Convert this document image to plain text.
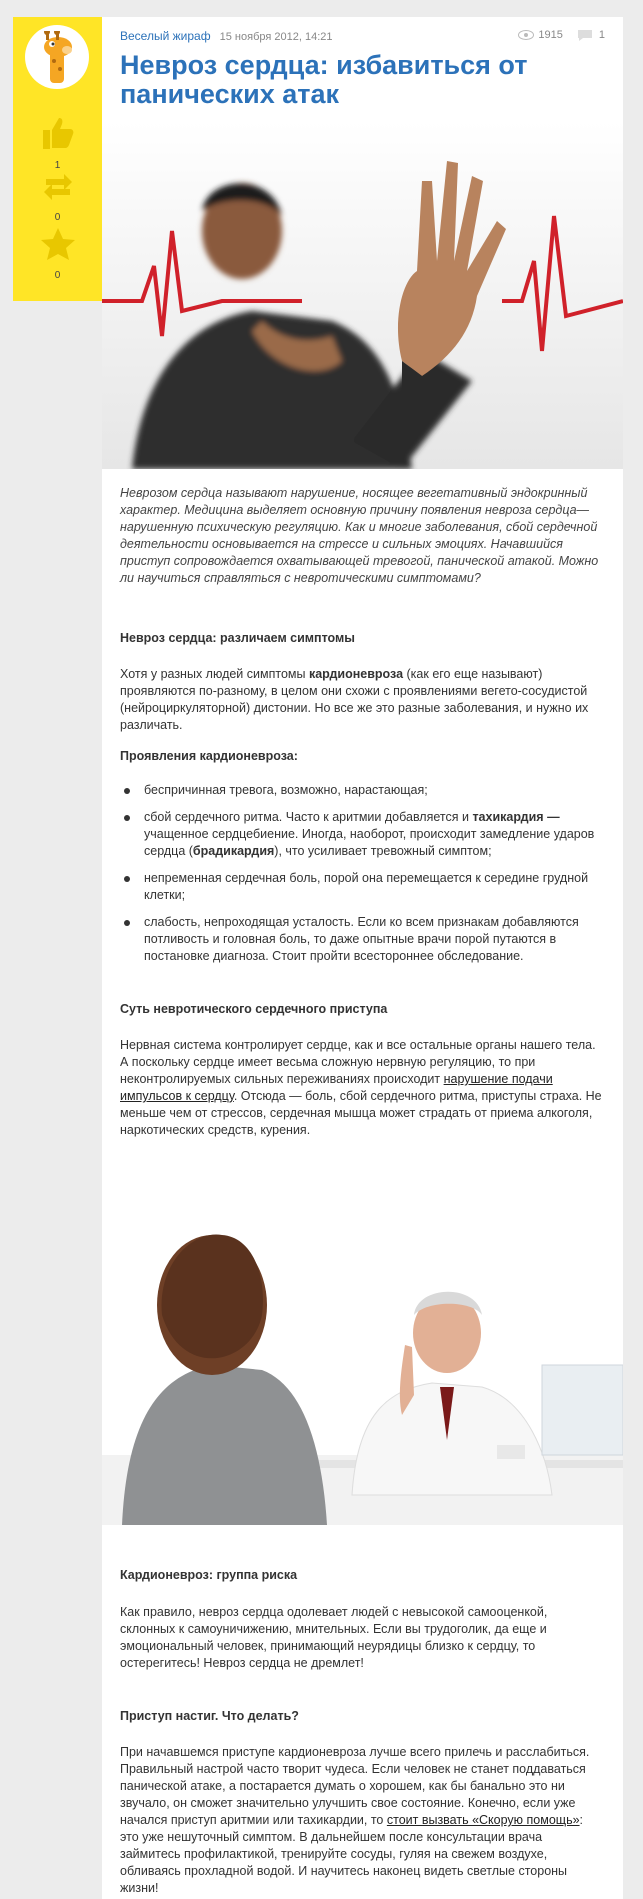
1
0
0
Веселый жираф 15 ноября 2012, 14:21	1915	1
Невроз сердца: избавиться от панических атак
Неврозом сердца называют нарушение, носящее вегетативный эндокринный характер. Медицина выделяет основную причину появления невроза сердца—нарушенную психическую регуляцию. Как и многие заболевания, сбой сердечной деятельности основывается на стрессе и сильных эмоциях. Начавшийся приступ сопровождается охватывающей тревогой, панической атакой. Можно ли научиться справляться с невротическими симптомами?
Невроз сердца: различаем симптомы
Хотя у разных людей симптомы кардионевроза (как его еще называют) проявляются по-разному, в целом они схожи с проявлениями вегето-сосудистой (нейроциркуляторной) дистонии. Но все же это разные заболевания, и нужно их различать.
Проявления кардионевроза:
беспричинная тревога, возможно, нарастающая;
сбой сердечного ритма. Часто к аритмии добавляется и тахикардия — учащенное сердцебиение. Иногда, наоборот, происходит замедление ударов сердца (брадикардия), что усиливает тревожный симптом;
непременная сердечная боль, порой она перемещается к середине грудной клетки;
слабость, непроходящая усталость. Если ко всем признакам добавляются потливость и головная боль, то даже опытные врачи порой путаются в постановке диагноза. Стоит пройти всестороннее обследование.
Суть невротического сердечного приступа
Нервная система контролирует сердце, как и все остальные органы нашего тела. А поскольку сердце имеет весьма сложную нервную регуляцию, то при неконтролируемых сильных переживаниях происходит нарушение подачи импульсов к сердцу. Отсюда — боль, сбой сердечного ритма, приступы страха. Не меньше чем от стрессов, сердечная мышца может страдать от приема алкоголя, наркотических средств, курения.
Кардионевроз: группа риска
Как правило, невроз сердца одолевает людей с невысокой самооценкой, склонных к самоуничижению, мнительных. Если вы трудоголик, да еще и эмоциональный человек, принимающий неурядицы близко к сердцу, то остерегитесь! Невроз сердца не дремлет!
Приступ настиг. Что делать?
При начавшемся приступе кардионевроза лучше всего прилечь и расслабиться. Правильный настрой часто творит чудеса. Если человек не станет поддаваться панической атаке, а постарается думать о хорошем, как бы банально это ни звучало, он сможет значительно улучшить свое состояние. Конечно, если уже начался приступ аритмии или тахикардии, то стоит вызвать «Скорую помощь»: это уже нешуточный симптом. В дальнейшем после консультации врача займитесь профилактикой, тренируйте сосуды, гуляя на свежем воздухе, обливаясь прохладной водой. И научитесь наконец видеть светлые стороны жизни!
